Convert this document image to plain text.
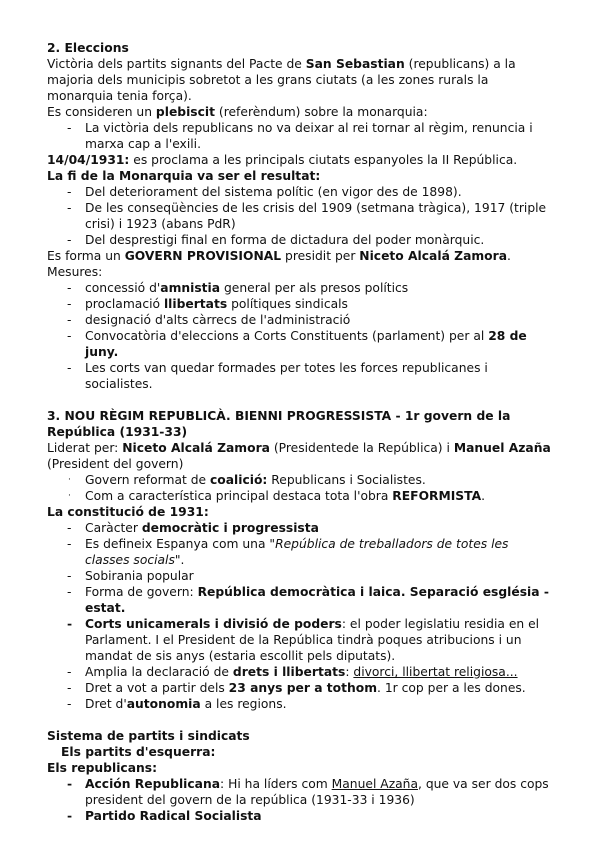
2. Eleccions
Victòria dels partits signants del Pacte de San Sebastian (republicans) a la majoria dels municipis sobretot a les grans ciutats (a les zones rurals la monarquia tenia força).
Es consideren un plebiscit (referèndum) sobre la monarquia:
- La victòria dels republicans no va deixar al rei tornar al règim, renuncia i marxa cap a l'exili.
14/04/1931: es proclama a les principals ciutats espanyoles la II República.
La fi de la Monarquia va ser el resultat:
- Del deteriorament del sistema polític (en vigor des de 1898).
- De les conseqüències de les crisis del 1909 (setmana tràgica), 1917 (triple crisi) i 1923 (abans PdR)
- Del desprestigi final en forma de dictadura del poder monàrquic.
Es forma un GOVERN PROVISIONAL presidit per Niceto Alcalá Zamora.
Mesures:
- concessió d'amnistia general per als presos polítics
- proclamació llibertats polítiques sindicals
- designació d'alts càrrecs de l'administració
- Convocatòria d'eleccions a Corts Constituents (parlament) per al 28 de juny.
- Les corts van quedar formades per totes les forces republicanes i socialistes.
3. NOU RÈGIM REPUBLICÀ. BIENNI PROGRESSISTA - 1r govern de la República (1931-33)
Liderat per: Niceto Alcalá Zamora (Presidentede la República) i Manuel Azaña (President del govern)
· Govern reformat de coalició: Republicans i Socialistes.
· Com a característica principal destaca tota l'obra REFORMISTA.
La constitució de 1931:
- Caràcter democràtic i progressista
- Es defineix Espanya com una "República de treballadors de totes les classes socials".
- Sobirania popular
- Forma de govern: República democràtica i laica. Separació església - estat.
- Corts unicamerals i divisió de poders: el poder legislatiu residia en el Parlament. I el President de la República tindrà poques atribucions i un mandat de sis anys (estaria escollit pels diputats).
- Amplia la declaració de drets i llibertats: divorci, llibertat religiosa...
- Dret a vot a partir dels 23 anys per a tothom. 1r cop per a les dones.
- Dret d'autonomia a les regions.
Sistema de partits i sindicats
Els partits d'esquerra:
Els republicans:
- Acción Republicana: Hi ha líders com Manuel Azaña, que va ser dos cops president del govern de la república (1931-33 i 1936)
- Partido Radical Socialista
